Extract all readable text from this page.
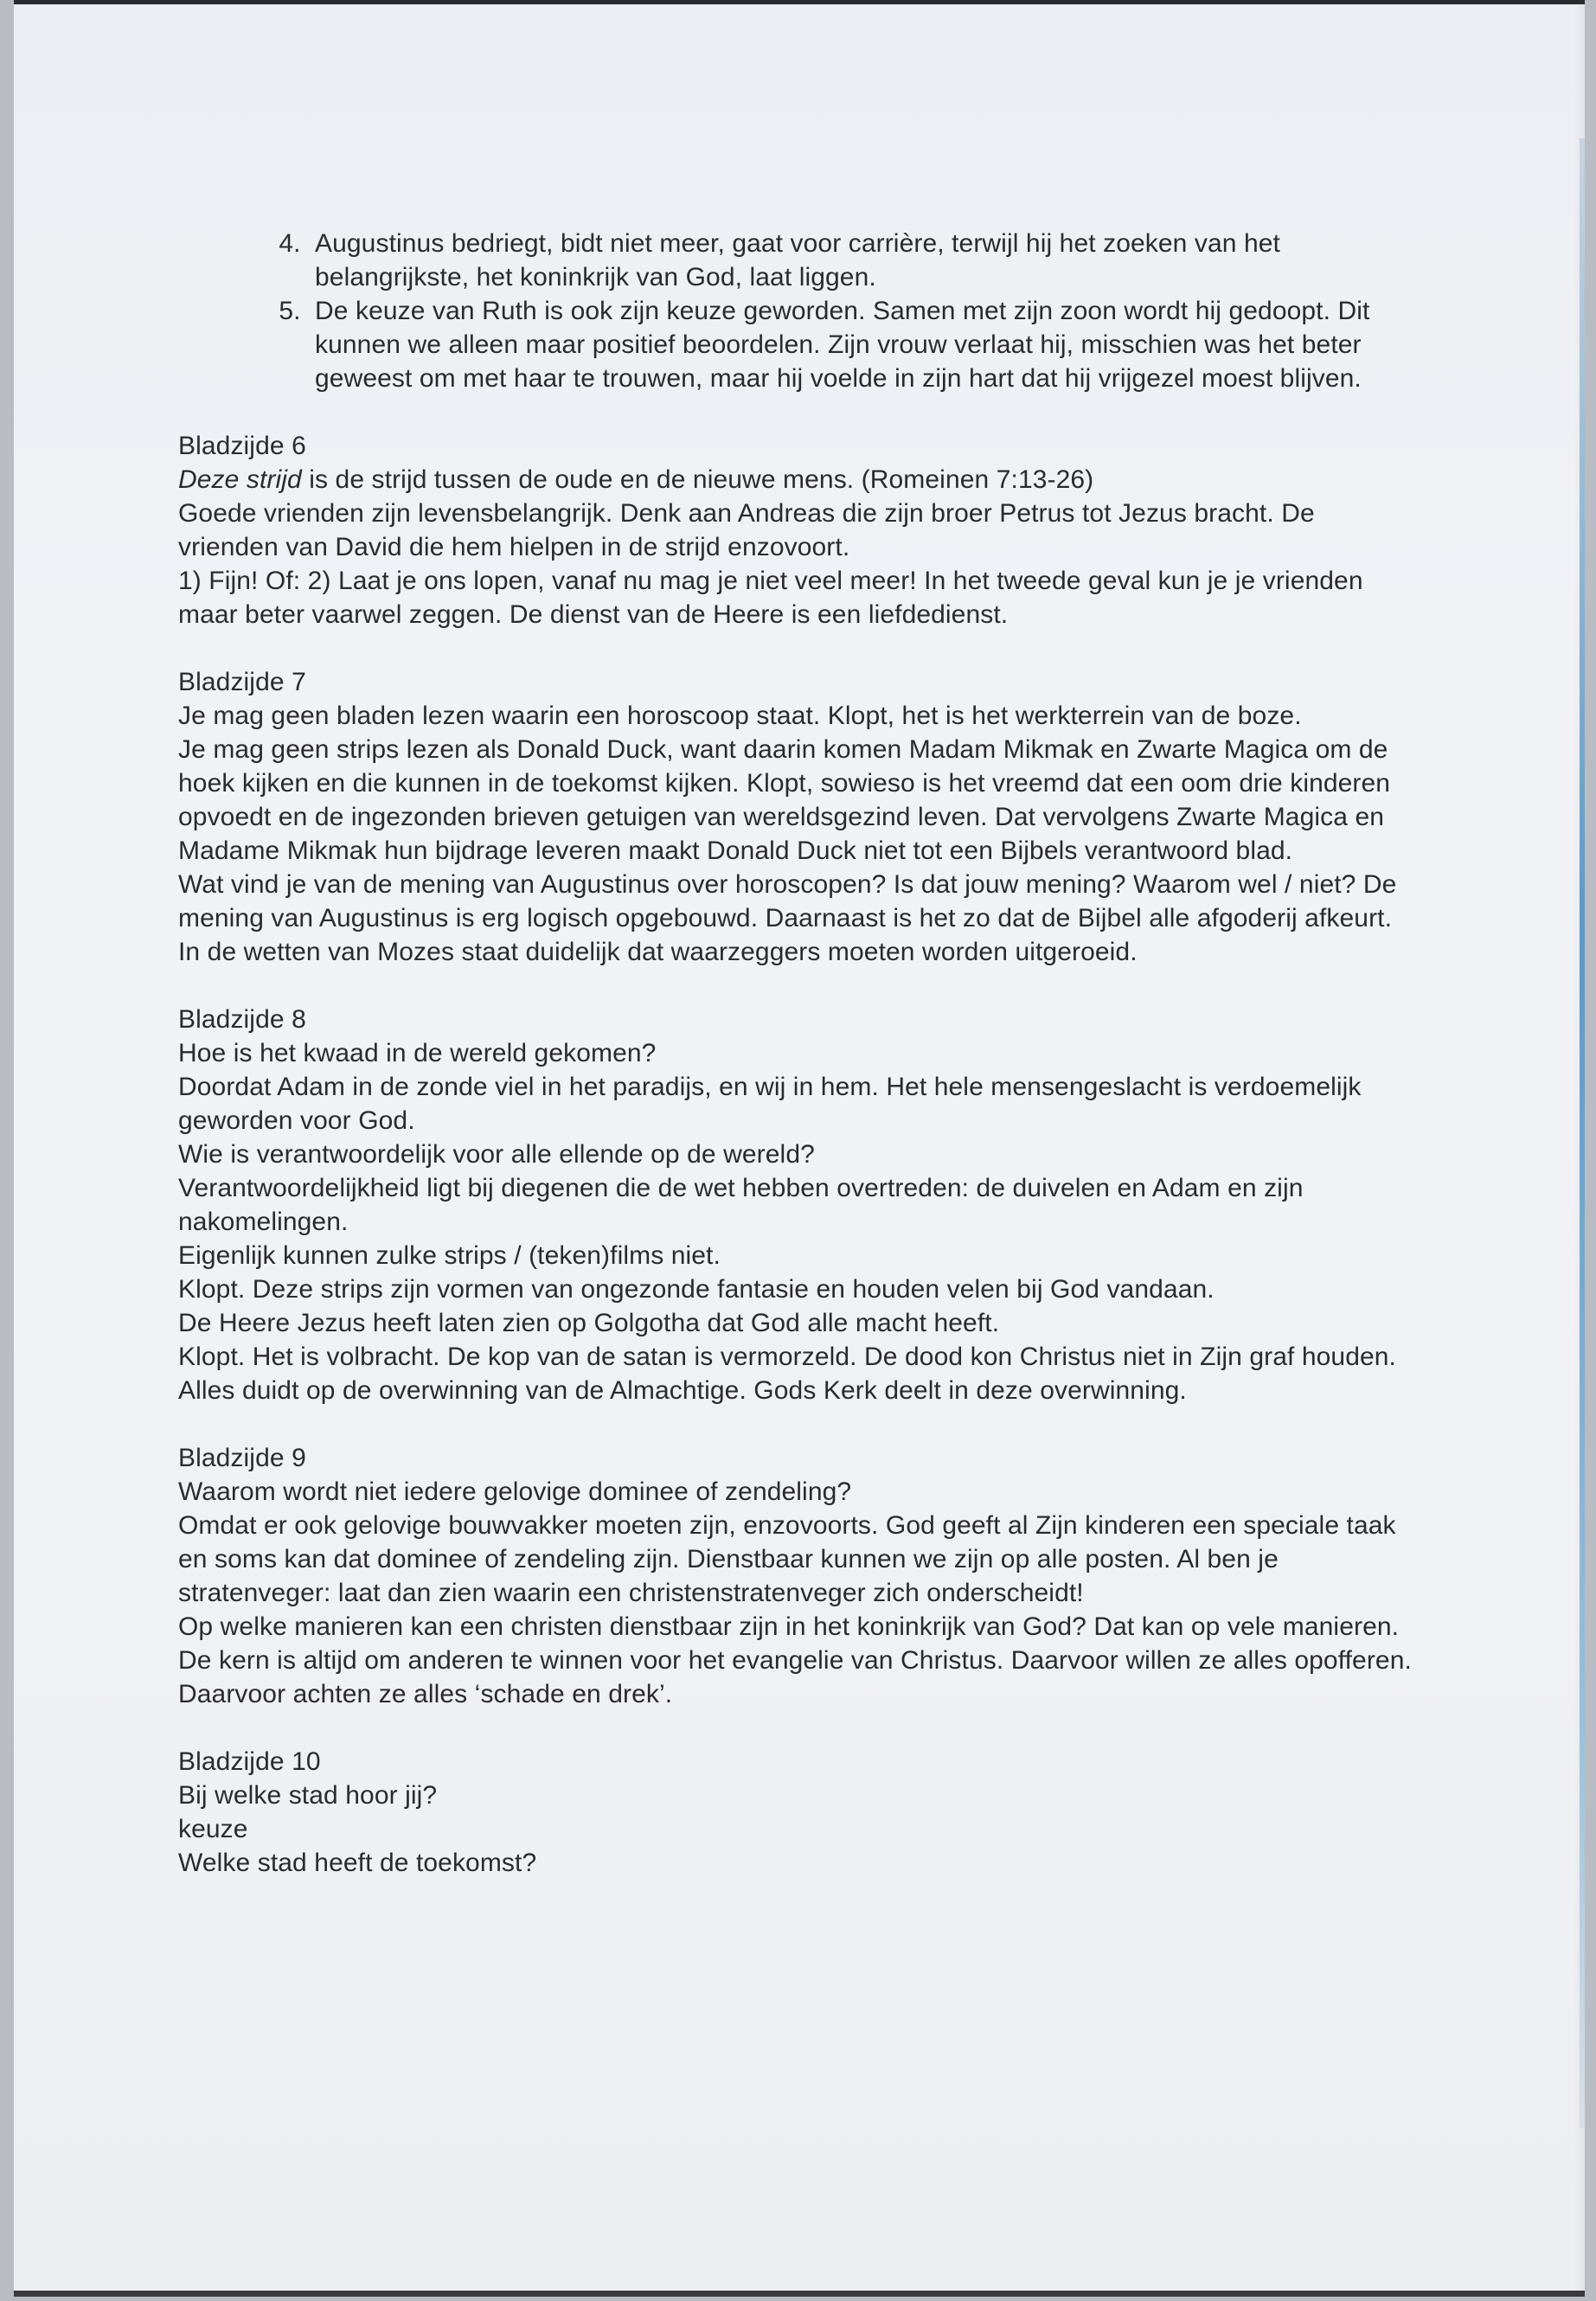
4. Augustinus bedriegt, bidt niet meer, gaat voor carrière, terwijl hij het zoeken van het belangrijkste, het koninkrijk van God, laat liggen.
5. De keuze van Ruth is ook zijn keuze geworden. Samen met zijn zoon wordt hij gedoopt. Dit kunnen we alleen maar positief beoordelen. Zijn vrouw verlaat hij, misschien was het beter geweest om met haar te trouwen, maar hij voelde in zijn hart dat hij vrijgezel moest blijven.
Bladzijde 6

Deze strijd is de strijd tussen de oude en de nieuwe mens. (Romeinen 7:13-26)

Goede vrienden zijn levensbelangrijk. Denk aan Andreas die zijn broer Petrus tot Jezus bracht. De vrienden van David die hem hielpen in de strijd enzovoort.

1) Fijn! Of: 2) Laat je ons lopen, vanaf nu mag je niet veel meer! In het tweede geval kun je je vrienden maar beter vaarwel zeggen. De dienst van de Heere is een liefdedienst.

Bladzijde 7

Je mag geen bladen lezen waarin een horoscoop staat. Klopt, het is het werkterrein van de boze.

Je mag geen strips lezen als Donald Duck, want daarin komen Madam Mikmak en Zwarte Magica om de hoek kijken en die kunnen in de toekomst kijken. Klopt, sowieso is het vreemd dat een oom drie kinderen opvoedt en de ingezonden brieven getuigen van wereldsgezind leven. Dat vervolgens Zwarte Magica en Madame Mikmak hun bijdrage leveren maakt Donald Duck niet tot een Bijbels verantwoord blad.

Wat vind je van de mening van Augustinus over horoscopen? Is dat jouw mening? Waarom wel / niet? De mening van Augustinus is erg logisch opgebouwd. Daarnaast is het zo dat de Bijbel alle afgoderij afkeurt. In de wetten van Mozes staat duidelijk dat waarzeggers moeten worden uitgeroeid.

Bladzijde 8

Hoe is het kwaad in de wereld gekomen?

Doordat Adam in de zonde viel in het paradijs, en wij in hem. Het hele mensengeslacht is verdoemelijk geworden voor God.

Wie is verantwoordelijk voor alle ellende op de wereld?

Verantwoordelijkheid ligt bij diegenen die de wet hebben overtreden: de duivelen en Adam en zijn nakomelingen.

Eigenlijk kunnen zulke strips / (teken)films niet.

Klopt. Deze strips zijn vormen van ongezonde fantasie en houden velen bij God vandaan.

De Heere Jezus heeft laten zien op Golgotha dat God alle macht heeft.

Klopt. Het is volbracht. De kop van de satan is vermorzeld. De dood kon Christus niet in Zijn graf houden. Alles duidt op de overwinning van de Almachtige. Gods Kerk deelt in deze overwinning.

Bladzijde 9

Waarom wordt niet iedere gelovige dominee of zendeling?

Omdat er ook gelovige bouwvakker moeten zijn, enzovoorts. God geeft al Zijn kinderen een speciale taak en soms kan dat dominee of zendeling zijn. Dienstbaar kunnen we zijn op alle posten. Al ben je stratenveger: laat dan zien waarin een christenstratenveger zich onderscheidt!

Op welke manieren kan een christen dienstbaar zijn in het koninkrijk van God? Dat kan op vele manieren. De kern is altijd om anderen te winnen voor het evangelie van Christus. Daarvoor willen ze alles opofferen. Daarvoor achten ze alles ‘schade en drek’.

Bladzijde 10

Bij welke stad hoor jij?

keuze

Welke stad heeft de toekomst?
